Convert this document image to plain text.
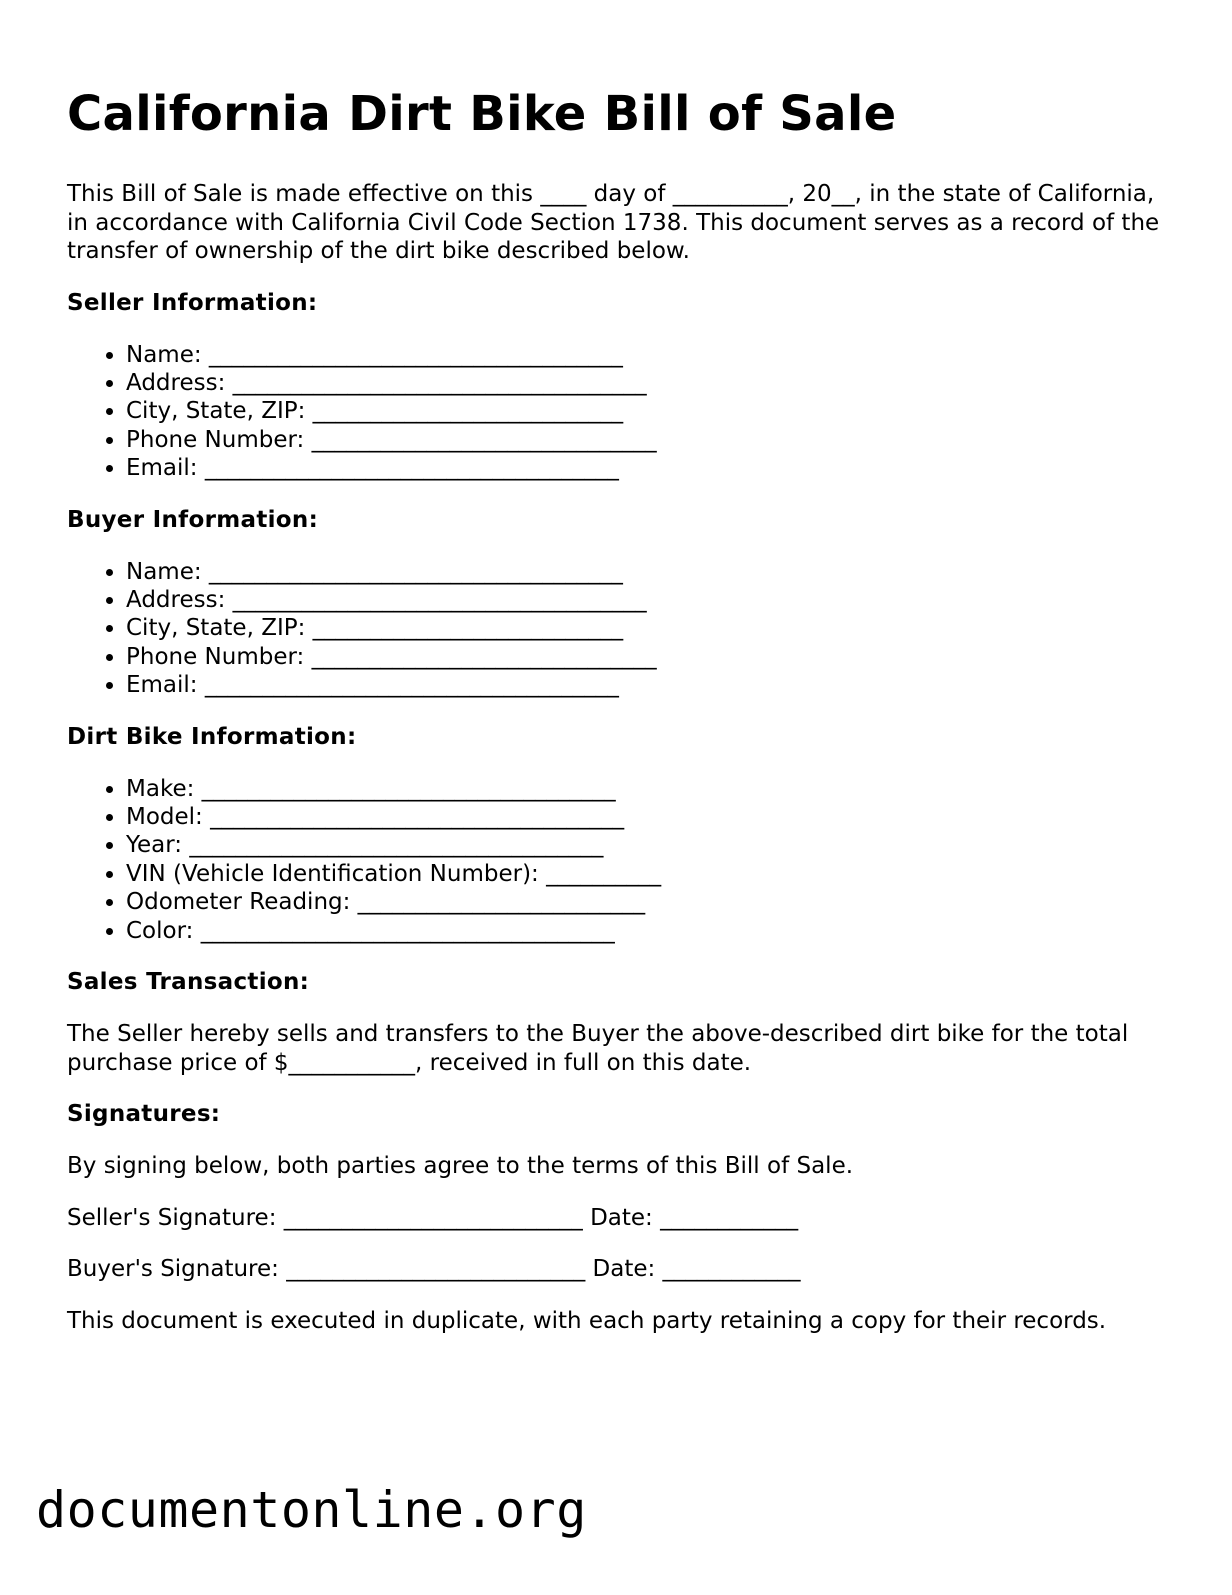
California Dirt Bike Bill of Sale

This Bill of Sale is made effective on this ____ day of __________, 20__, in the state of California, in accordance with California Civil Code Section 1738. This document serves as a record of the transfer of ownership of the dirt bike described below.

Seller Information:
• Name: ____________________________________
• Address: ____________________________________
• City, State, ZIP: ___________________________
• Phone Number: ______________________________
• Email: ____________________________________
Buyer Information:
• Name: ____________________________________
• Address: ____________________________________
• City, State, ZIP: ___________________________
• Phone Number: ______________________________
• Email: ____________________________________
Dirt Bike Information:
• Make: ____________________________________
• Model: ____________________________________
• Year: ____________________________________
• VIN (Vehicle Identification Number): __________
• Odometer Reading: _________________________
• Color: ____________________________________
Sales Transaction:

The Seller hereby sells and transfers to the Buyer the above-described dirt bike for the total purchase price of $___________, received in full on this date.

Signatures:

By signing below, both parties agree to the terms of this Bill of Sale.

Seller's Signature: __________________________ Date: ____________

Buyer's Signature: __________________________ Date: ____________

This document is executed in duplicate, with each party retaining a copy for their records.

documentonline.org
